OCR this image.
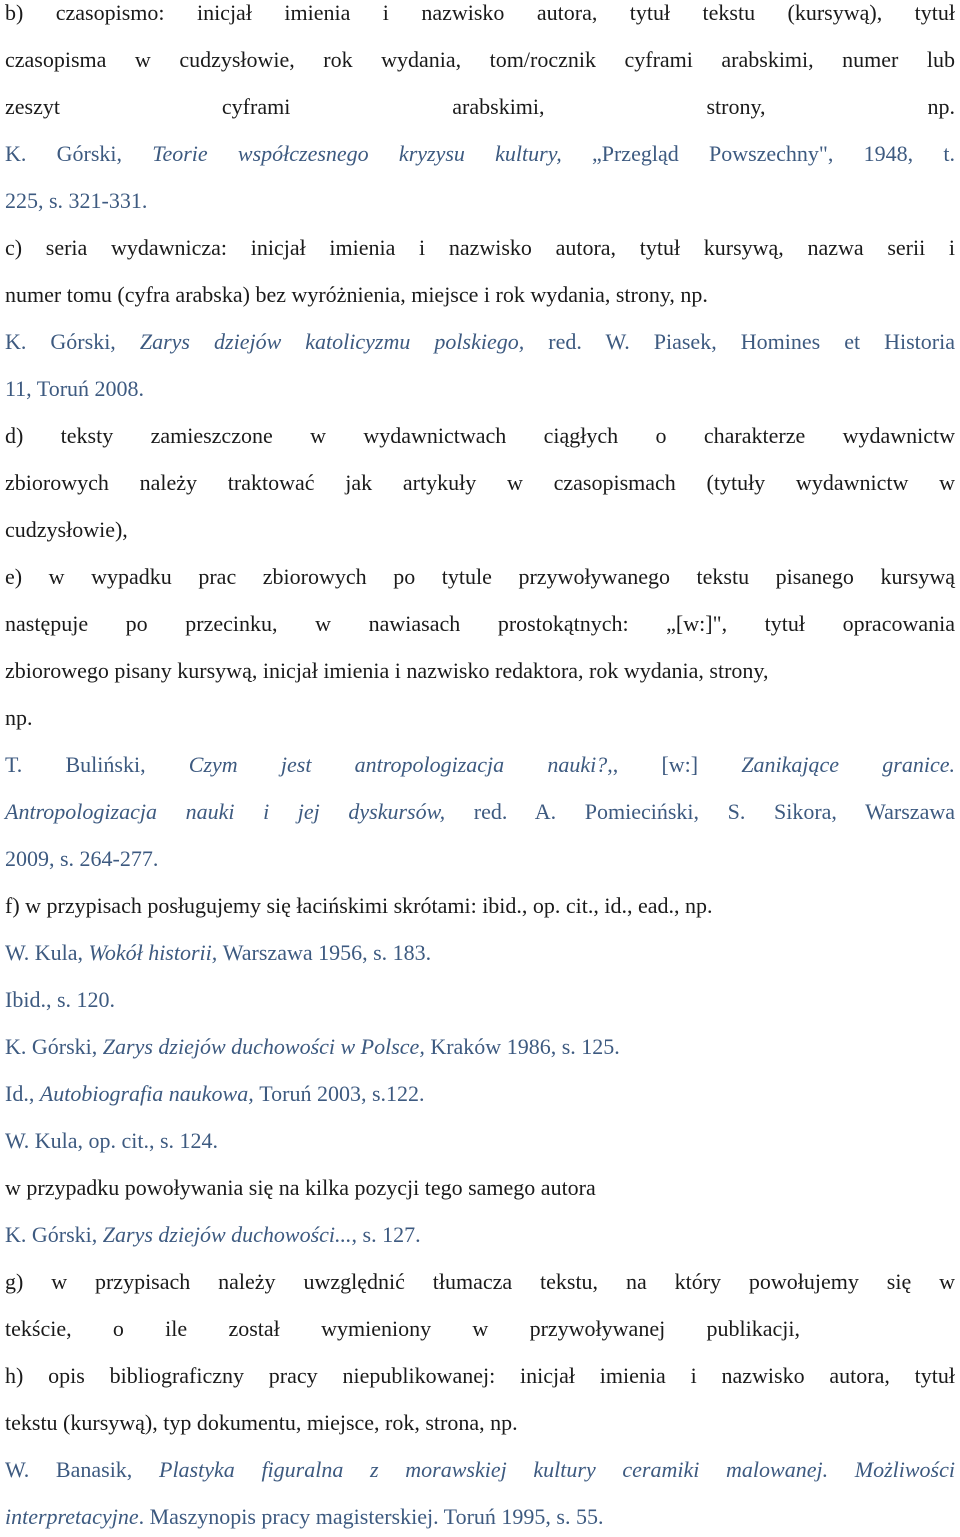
b) czasopismo: inicjał imienia i nazwisko autora, tytuł tekstu (kursywą), tytuł
czasopisma w cudzysłowie, rok wydania, tom/rocznik cyframi arabskimi, numer lub
zeszyt cyframi arabskimi, strony, np.
K. Górski, Teorie współczesnego kryzysu kultury, „Przegląd Powszechny", 1948, t.
225, s. 321-331.
c) seria wydawnicza: inicjał imienia i nazwisko autora, tytuł kursywą, nazwa serii i
numer tomu (cyfra arabska) bez wyróżnienia, miejsce i rok wydania, strony, np.
K. Górski, Zarys dziejów katolicyzmu polskiego, red. W. Piasek, Homines et Historia
11, Toruń 2008.
d) teksty zamieszczone w wydawnictwach ciągłych o charakterze wydawnictw
zbiorowych należy traktować jak artykuły w czasopismach (tytuły wydawnictw w
cudzysłowie),
e) w wypadku prac zbiorowych po tytule przywoływanego tekstu pisanego kursywą
następuje po przecinku, w nawiasach prostokątnych: „[w:]", tytuł opracowania
zbiorowego pisany kursywą, inicjał imienia i nazwisko redaktora, rok wydania, strony,
np.
T. Buliński, Czym jest antropologizacja nauki?,, [w:] Zanikające granice.
Antropologizacja nauki i jej dyskursów, red. A. Pomieciński, S. Sikora, Warszawa
2009, s. 264-277.
f) w przypisach posługujemy się łacińskimi skrótami: ibid., op. cit., id., ead., np.
W. Kula, Wokół historii, Warszawa 1956, s. 183.
Ibid., s. 120.
K. Górski, Zarys dziejów duchowości w Polsce, Kraków 1986, s. 125.
Id., Autobiografia naukowa, Toruń 2003, s.122.
W. Kula, op. cit., s. 124.
w przypadku powoływania się na kilka pozycji tego samego autora
K. Górski, Zarys dziejów duchowości..., s. 127.
g) w przypisach należy uwzględnić tłumacza tekstu, na który powołujemy się w
tekście, o ile został wymieniony w przywoływanej publikacji,
h) opis bibliograficzny pracy niepublikowanej: inicjał imienia i nazwisko autora, tytuł
tekstu (kursywą), typ dokumentu, miejsce, rok, strona, np.
W. Banasik, Plastyka figuralna z morawskiej kultury ceramiki malowanej. Możliwości
interpretacyjne. Maszynopis pracy magisterskiej. Toruń 1995, s. 55.
